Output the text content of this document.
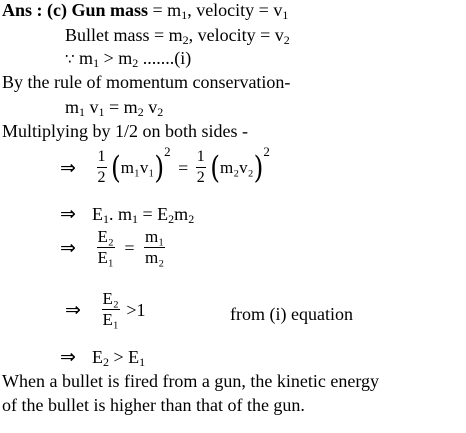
Ans : (c) Gun mass = $m_1$, velocity = $v_1$
Bullet mass = $m_2$, velocity = $v_2$
∵ $m_1 > m_2$ .......(i)
By the rule of momentum conservation-
$m_1$ $v_1 = m_2$ $v_2$
Multiplying by 1/2 on both sides -
⇒ $\frac{1}{2} (m_1v_1)^2 = \frac{1}{2} (m_2v_2)^2$
⇒ $E_1$. $m_1 = E_2m_2$
⇒ $\frac{\text{E₂}}{\text{E₁}} = \frac{\text{m₁}}{\text{m₂}}$
⇒ $\frac{\text{E₂}}{\text{E₁}} >1$	from (i) equation
⇒ $E_2 > E_1$
When a bullet is fired from a gun, the kinetic energy
of the bullet is higher than that of the gun.
